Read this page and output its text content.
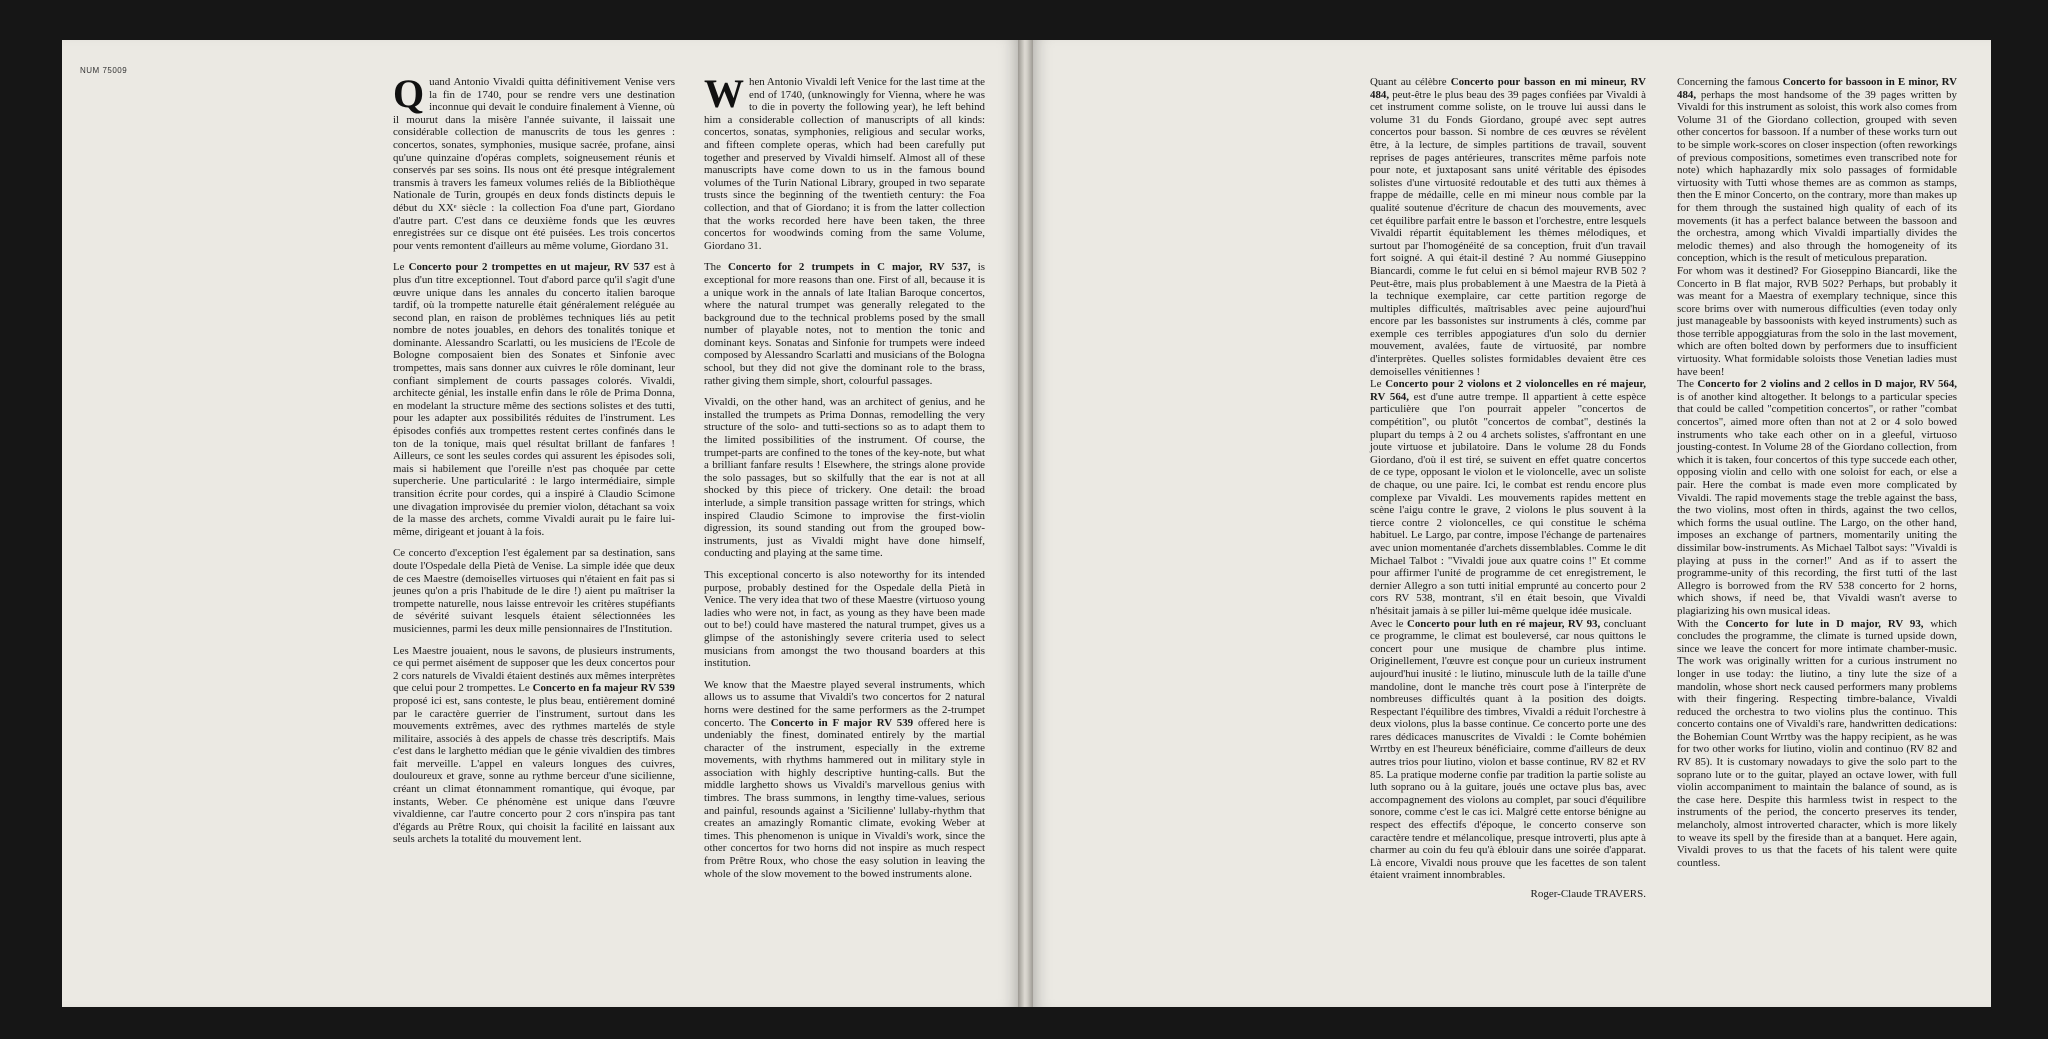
NUM 75009

Quand Antonio Vivaldi quitta définitivement Venise vers la fin de 1740, pour se rendre vers une destination inconnue qui devait le conduire finalement à Vienne, où il mourut dans la misère l'année suivante, il laissait une considérable collection de manuscrits de tous les genres : concertos, sonates, symphonies, musique sacrée, profane, ainsi qu'une quinzaine d'opéras complets, soigneusement réunis et conservés par ses soins. Ils nous ont été presque intégralement transmis à travers les fameux volumes reliés de la Bibliothèque Nationale de Turin, groupés en deux fonds distincts depuis le début du XXᵉ siècle : la collection Foa d'une part, Giordano d'autre part. C'est dans ce deuxième fonds que les œuvres enregistrées sur ce disque ont été puisées. Les trois concertos pour vents remontent d'ailleurs au même volume, Giordano 31.

Le Concerto pour 2 trompettes en ut majeur, RV 537 est à plus d'un titre exceptionnel. Tout d'abord parce qu'il s'agit d'une œuvre unique dans les annales du concerto italien baroque tardif, où la trompette naturelle était généralement reléguée au second plan, en raison de problèmes techniques liés au petit nombre de notes jouables, en dehors des tonalités tonique et dominante. Alessandro Scarlatti, ou les musiciens de l'Ecole de Bologne composaient bien des Sonates et Sinfonie avec trompettes, mais sans donner aux cuivres le rôle dominant, leur confiant simplement de courts passages colorés. Vivaldi, architecte génial, les installe enfin dans le rôle de Prima Donna, en modelant la structure même des sections solistes et des tutti, pour les adapter aux possibilités réduites de l'instrument. Les épisodes confiés aux trompettes restent certes confinés dans le ton de la tonique, mais quel résultat brillant de fanfares ! Ailleurs, ce sont les seules cordes qui assurent les épisodes soli, mais si habilement que l'oreille n'est pas choquée par cette supercherie. Une particularité : le largo intermédiaire, simple transition écrite pour cordes, qui a inspiré à Claudio Scimone une divagation improvisée du premier violon, détachant sa voix de la masse des archets, comme Vivaldi aurait pu le faire lui-même, dirigeant et jouant à la fois.

Ce concerto d'exception l'est également par sa destination, sans doute l'Ospedale della Pietà de Venise. La simple idée que deux de ces Maestre (demoiselles virtuoses qui n'étaient en fait pas si jeunes qu'on a pris l'habitude de le dire !) aient pu maîtriser la trompette naturelle, nous laisse entrevoir les critères stupéfiants de sévérité suivant lesquels étaient sélectionnées les musiciennes, parmi les deux mille pensionnaires de l'Institution.

Les Maestre jouaient, nous le savons, de plusieurs instruments, ce qui permet aisément de supposer que les deux concertos pour 2 cors naturels de Vivaldi étaient destinés aux mêmes interprètes que celui pour 2 trompettes. Le Concerto en fa majeur RV 539 proposé ici est, sans conteste, le plus beau, entièrement dominé par le caractère guerrier de l'instrument, surtout dans les mouvements extrêmes, avec des rythmes martelés de style militaire, associés à des appels de chasse très descriptifs. Mais c'est dans le larghetto médian que le génie vivaldien des timbres fait merveille. L'appel en valeurs longues des cuivres, douloureux et grave, sonne au rythme berceur d'une sicilienne, créant un climat étonnamment romantique, qui évoque, par instants, Weber. Ce phénomène est unique dans l'œuvre vivaldienne, car l'autre concerto pour 2 cors n'inspira pas tant d'égards au Prêtre Roux, qui choisit la facilité en laissant aux seuls archets la totalité du mouvement lent.

When Antonio Vivaldi left Venice for the last time at the end of 1740, (unknowingly for Vienna, where he was to die in poverty the following year), he left behind him a considerable collection of manuscripts of all kinds: concertos, sonatas, symphonies, religious and secular works, and fifteen complete operas, which had been carefully put together and preserved by Vivaldi himself. Almost all of these manuscripts have come down to us in the famous bound volumes of the Turin National Library, grouped in two separate trusts since the beginning of the twentieth century: the Foa collection, and that of Giordano; it is from the latter collection that the works recorded here have been taken, the three concertos for woodwinds coming from the same Volume, Giordano 31.

The Concerto for 2 trumpets in C major, RV 537, is exceptional for more reasons than one. First of all, because it is a unique work in the annals of late Italian Baroque concertos, where the natural trumpet was generally relegated to the background due to the technical problems posed by the small number of playable notes, not to mention the tonic and dominant keys. Sonatas and Sinfonie for trumpets were indeed composed by Alessandro Scarlatti and musicians of the Bologna school, but they did not give the dominant role to the brass, rather giving them simple, short, colourful passages.

Vivaldi, on the other hand, was an architect of genius, and he installed the trumpets as Prima Donnas, remodelling the very structure of the solo- and tutti-sections so as to adapt them to the limited possibilities of the instrument. Of course, the trumpet-parts are confined to the tones of the key-note, but what a brilliant fanfare results ! Elsewhere, the strings alone provide the solo passages, but so skilfully that the ear is not at all shocked by this piece of trickery. One detail: the broad interlude, a simple transition passage written for strings, which inspired Claudio Scimone to improvise the first-violin digression, its sound standing out from the grouped bow-instruments, just as Vivaldi might have done himself, conducting and playing at the same time.

This exceptional concerto is also noteworthy for its intended purpose, probably destined for the Ospedale della Pietà in Venice. The very idea that two of these Maestre (virtuoso young ladies who were not, in fact, as young as they have been made out to be!) could have mastered the natural trumpet, gives us a glimpse of the astonishingly severe criteria used to select musicians from amongst the two thousand boarders at this institution.

We know that the Maestre played several instruments, which allows us to assume that Vivaldi's two concertos for 2 natural horns were destined for the same performers as the 2-trumpet concerto. The Concerto in F major RV 539 offered here is undeniably the finest, dominated entirely by the martial character of the instrument, especially in the extreme movements, with rhythms hammered out in military style in association with highly descriptive hunting-calls. But the middle larghetto shows us Vivaldi's marvellous genius with timbres. The brass summons, in lengthy time-values, serious and painful, resounds against a 'Sicilienne' lullaby-rhythm that creates an amazingly Romantic climate, evoking Weber at times. This phenomenon is unique in Vivaldi's work, since the other concertos for two horns did not inspire as much respect from Prêtre Roux, who chose the easy solution in leaving the whole of the slow movement to the bowed instruments alone.

Quant au célèbre Concerto pour basson en mi mineur, RV 484, peut-être le plus beau des 39 pages confiées par Vivaldi à cet instrument comme soliste, on le trouve lui aussi dans le volume 31 du Fonds Giordano, groupé avec sept autres concertos pour basson. Si nombre de ces œuvres se révèlent être, à la lecture, de simples partitions de travail, souvent reprises de pages antérieures, transcrites même parfois note pour note, et juxtaposant sans unité véritable des épisodes solistes d'une virtuosité redoutable et des tutti aux thèmes à frappe de médaille, celle en mi mineur nous comble par la qualité soutenue d'écriture de chacun des mouvements, avec cet équilibre parfait entre le basson et l'orchestre, entre lesquels Vivaldi répartit équitablement les thèmes mélodiques, et surtout par l'homogénéité de sa conception, fruit d'un travail fort soigné. A qui était-il destiné ? Au nommé Giuseppino Biancardi, comme le fut celui en si bémol majeur RVB 502 ? Peut-être, mais plus probablement à une Maestra de la Pietà à la technique exemplaire, car cette partition regorge de multiples difficultés, maîtrisables avec peine aujourd'hui encore par les bassonistes sur instruments à clés, comme par exemple ces terribles appogiatures d'un solo du dernier mouvement, avalées, faute de virtuosité, par nombre d'interprètes. Quelles solistes formidables devaient être ces demoiselles vénitiennes !

Le Concerto pour 2 violons et 2 violoncelles en ré majeur, RV 564, est d'une autre trempe. Il appartient à cette espèce particulière que l'on pourrait appeler "concertos de compétition", ou plutôt "concertos de combat", destinés la plupart du temps à 2 ou 4 archets solistes, s'affrontant en une joute virtuose et jubilatoire. Dans le volume 28 du Fonds Giordano, d'où il est tiré, se suivent en effet quatre concertos de ce type, opposant le violon et le violoncelle, avec un soliste de chaque, ou une paire. Ici, le combat est rendu encore plus complexe par Vivaldi. Les mouvements rapides mettent en scène l'aigu contre le grave, 2 violons le plus souvent à la tierce contre 2 violoncelles, ce qui constitue le schéma habituel. Le Largo, par contre, impose l'échange de partenaires avec union momentanée d'archets dissemblables. Comme le dit Michael Talbot : "Vivaldi joue aux quatre coins !" Et comme pour affirmer l'unité de programme de cet enregistrement, le dernier Allegro a son tutti initial emprunté au concerto pour 2 cors RV 538, montrant, s'il en était besoin, que Vivaldi n'hésitait jamais à se piller lui-même quelque idée musicale.

Avec le Concerto pour luth en ré majeur, RV 93, concluant ce programme, le climat est bouleversé, car nous quittons le concert pour une musique de chambre plus intime. Originellement, l'œuvre est conçue pour un curieux instrument aujourd'hui inusité : le liutino, minuscule luth de la taille d'une mandoline, dont le manche très court pose à l'interprète de nombreuses difficultés quant à la position des doigts. Respectant l'équilibre des timbres, Vivaldi a réduit l'orchestre à deux violons, plus la basse continue. Ce concerto porte une des rares dédicaces manuscrites de Vivaldi : le Comte bohémien Wrrtby en est l'heureux bénéficiaire, comme d'ailleurs de deux autres trios pour liutino, violon et basse continue, RV 82 et RV 85. La pratique moderne confie par tradition la partie soliste au luth soprano ou à la guitare, joués une octave plus bas, avec accompagnement des violons au complet, par souci d'équilibre sonore, comme c'est le cas ici. Malgré cette entorse bénigne au respect des effectifs d'époque, le concerto conserve son caractère tendre et mélancolique, presque introverti, plus apte à charmer au coin du feu qu'à éblouir dans une soirée d'apparat. Là encore, Vivaldi nous prouve que les facettes de son talent étaient vraiment innombrables.

Roger-Claude TRAVERS.

Concerning the famous Concerto for bassoon in E minor, RV 484, perhaps the most handsome of the 39 pages written by Vivaldi for this instrument as soloist, this work also comes from Volume 31 of the Giordano collection, grouped with seven other concertos for bassoon. If a number of these works turn out to be simple work-scores on closer inspection (often reworkings of previous compositions, sometimes even transcribed note for note) which haphazardly mix solo passages of formidable virtuosity with Tutti whose themes are as common as stamps, then the E minor Concerto, on the contrary, more than makes up for them through the sustained high quality of each of its movements (it has a perfect balance between the bassoon and the orchestra, among which Vivaldi impartially divides the melodic themes) and also through the homogeneity of its conception, which is the result of meticulous preparation.

For whom was it destined? For Gioseppino Biancardi, like the Concerto in B flat major, RVB 502? Perhaps, but probably it was meant for a Maestra of exemplary technique, since this score brims over with numerous difficulties (even today only just manageable by bassoonists with keyed instruments) such as those terrible appoggiaturas from the solo in the last movement, which are often bolted down by performers due to insufficient virtuosity. What formidable soloists those Venetian ladies must have been!

The Concerto for 2 violins and 2 cellos in D major, RV 564, is of another kind altogether. It belongs to a particular species that could be called "competition concertos", or rather "combat concertos", aimed more often than not at 2 or 4 solo bowed instruments who take each other on in a gleeful, virtuoso jousting-contest. In Volume 28 of the Giordano collection, from which it is taken, four concertos of this type succede each other, opposing violin and cello with one soloist for each, or else a pair. Here the combat is made even more complicated by Vivaldi. The rapid movements stage the treble against the bass, the two violins, most often in thirds, against the two cellos, which forms the usual outline. The Largo, on the other hand, imposes an exchange of partners, momentarily uniting the dissimilar bow-instruments. As Michael Talbot says: "Vivaldi is playing at puss in the corner!" And as if to assert the programme-unity of this recording, the first tutti of the last Allegro is borrowed from the RV 538 concerto for 2 horns, which shows, if need be, that Vivaldi wasn't averse to plagiarizing his own musical ideas.

With the Concerto for lute in D major, RV 93, which concludes the programme, the climate is turned upside down, since we leave the concert for more intimate chamber-music. The work was originally written for a curious instrument no longer in use today: the liutino, a tiny lute the size of a mandolin, whose short neck caused performers many problems with their fingering. Respecting timbre-balance, Vivaldi reduced the orchestra to two violins plus the continuo. This concerto contains one of Vivaldi's rare, handwritten dedications: the Bohemian Count Wrrtby was the happy recipient, as he was for two other works for liutino, violin and continuo (RV 82 and RV 85). It is customary nowadays to give the solo part to the soprano lute or to the guitar, played an octave lower, with full violin accompaniment to maintain the balance of sound, as is the case here. Despite this harmless twist in respect to the instruments of the period, the concerto preserves its tender, melancholy, almost introverted character, which is more likely to weave its spell by the fireside than at a banquet. Here again, Vivaldi proves to us that the facets of his talent were quite countless.
